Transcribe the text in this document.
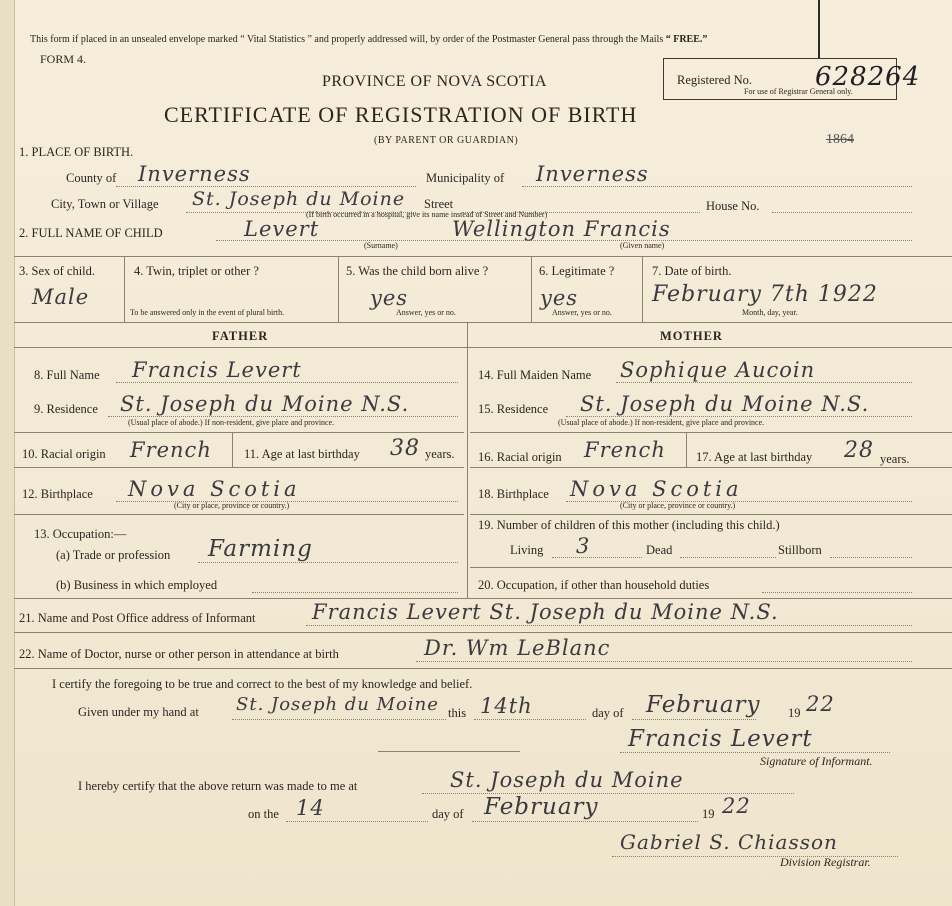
This form if placed in an unsealed envelope marked “ Vital Statistics ” and properly addressed will, by order of the Postmaster General pass through the Mails “ FREE.”
FORM 4.
PROVINCE OF NOVA SCOTIA
CERTIFICATE OF REGISTRATION OF BIRTH
(BY PARENT OR GUARDIAN)
Registered No. 628264
For use of Registrar General only.
1864
1. PLACE OF BIRTH.
County of Inverness	Municipality of Inverness
City, Town or Village St. Joseph du Moine Street	House No.
(If birth occurred in a hospital, give its name instead of Street and Number)
2. FULL NAME OF CHILD	Levert	Wellington Francis
(Surname)	(Given name)
3. Sex of child.
Male
4. Twin, triplet or other ?
To be answered only in the event of plural birth.
5. Was the child born alive ?
yes
Answer, yes or no.
6. Legitimate ?
yes
Answer, yes or no.
7. Date of birth.
February 7th 1922
Month, day, year.
FATHER	MOTHER
8. Full Name Francis Levert
9. Residence St. Joseph du Moine N.S.
(Usual place of abode.) If non-resident, give place and province.
10. Racial origin French	11. Age at last birthday 38 years.
12. Birthplace Nova Scotia
(City or place, province or country.)
13. Occupation:—
(a) Trade or profession Farming
(b) Business in which employed
14. Full Maiden Name Sophique Aucoin
15. Residence St. Joseph du Moine N.S.
(Usual place of abode.) If non-resident, give place and province.
16. Racial origin French 17. Age at last birthday 28 years.
18. Birthplace Nova Scotia
(City or place, province or country.)
19. Number of children of this mother (including this child.)
Living 3	Dead	Stillborn
20. Occupation, if other than household duties
21. Name and Post Office address of Informant	Francis Levert St. Joseph du Moine N.S.
22. Name of Doctor, nurse or other person in attendance at birth	Dr. Wm LeBlanc
I certify the foregoing to be true and correct to the best of my knowledge and belief.
Given under my hand at St. Joseph du Moine this 14th	day of February 19 22
Francis Levert
Signature of Informant.
I hereby certify that the above return was made to me at	St. Joseph du Moine
on the 14	day of February	19 22
Gabriel S. Chiasson
Division Registrar.
